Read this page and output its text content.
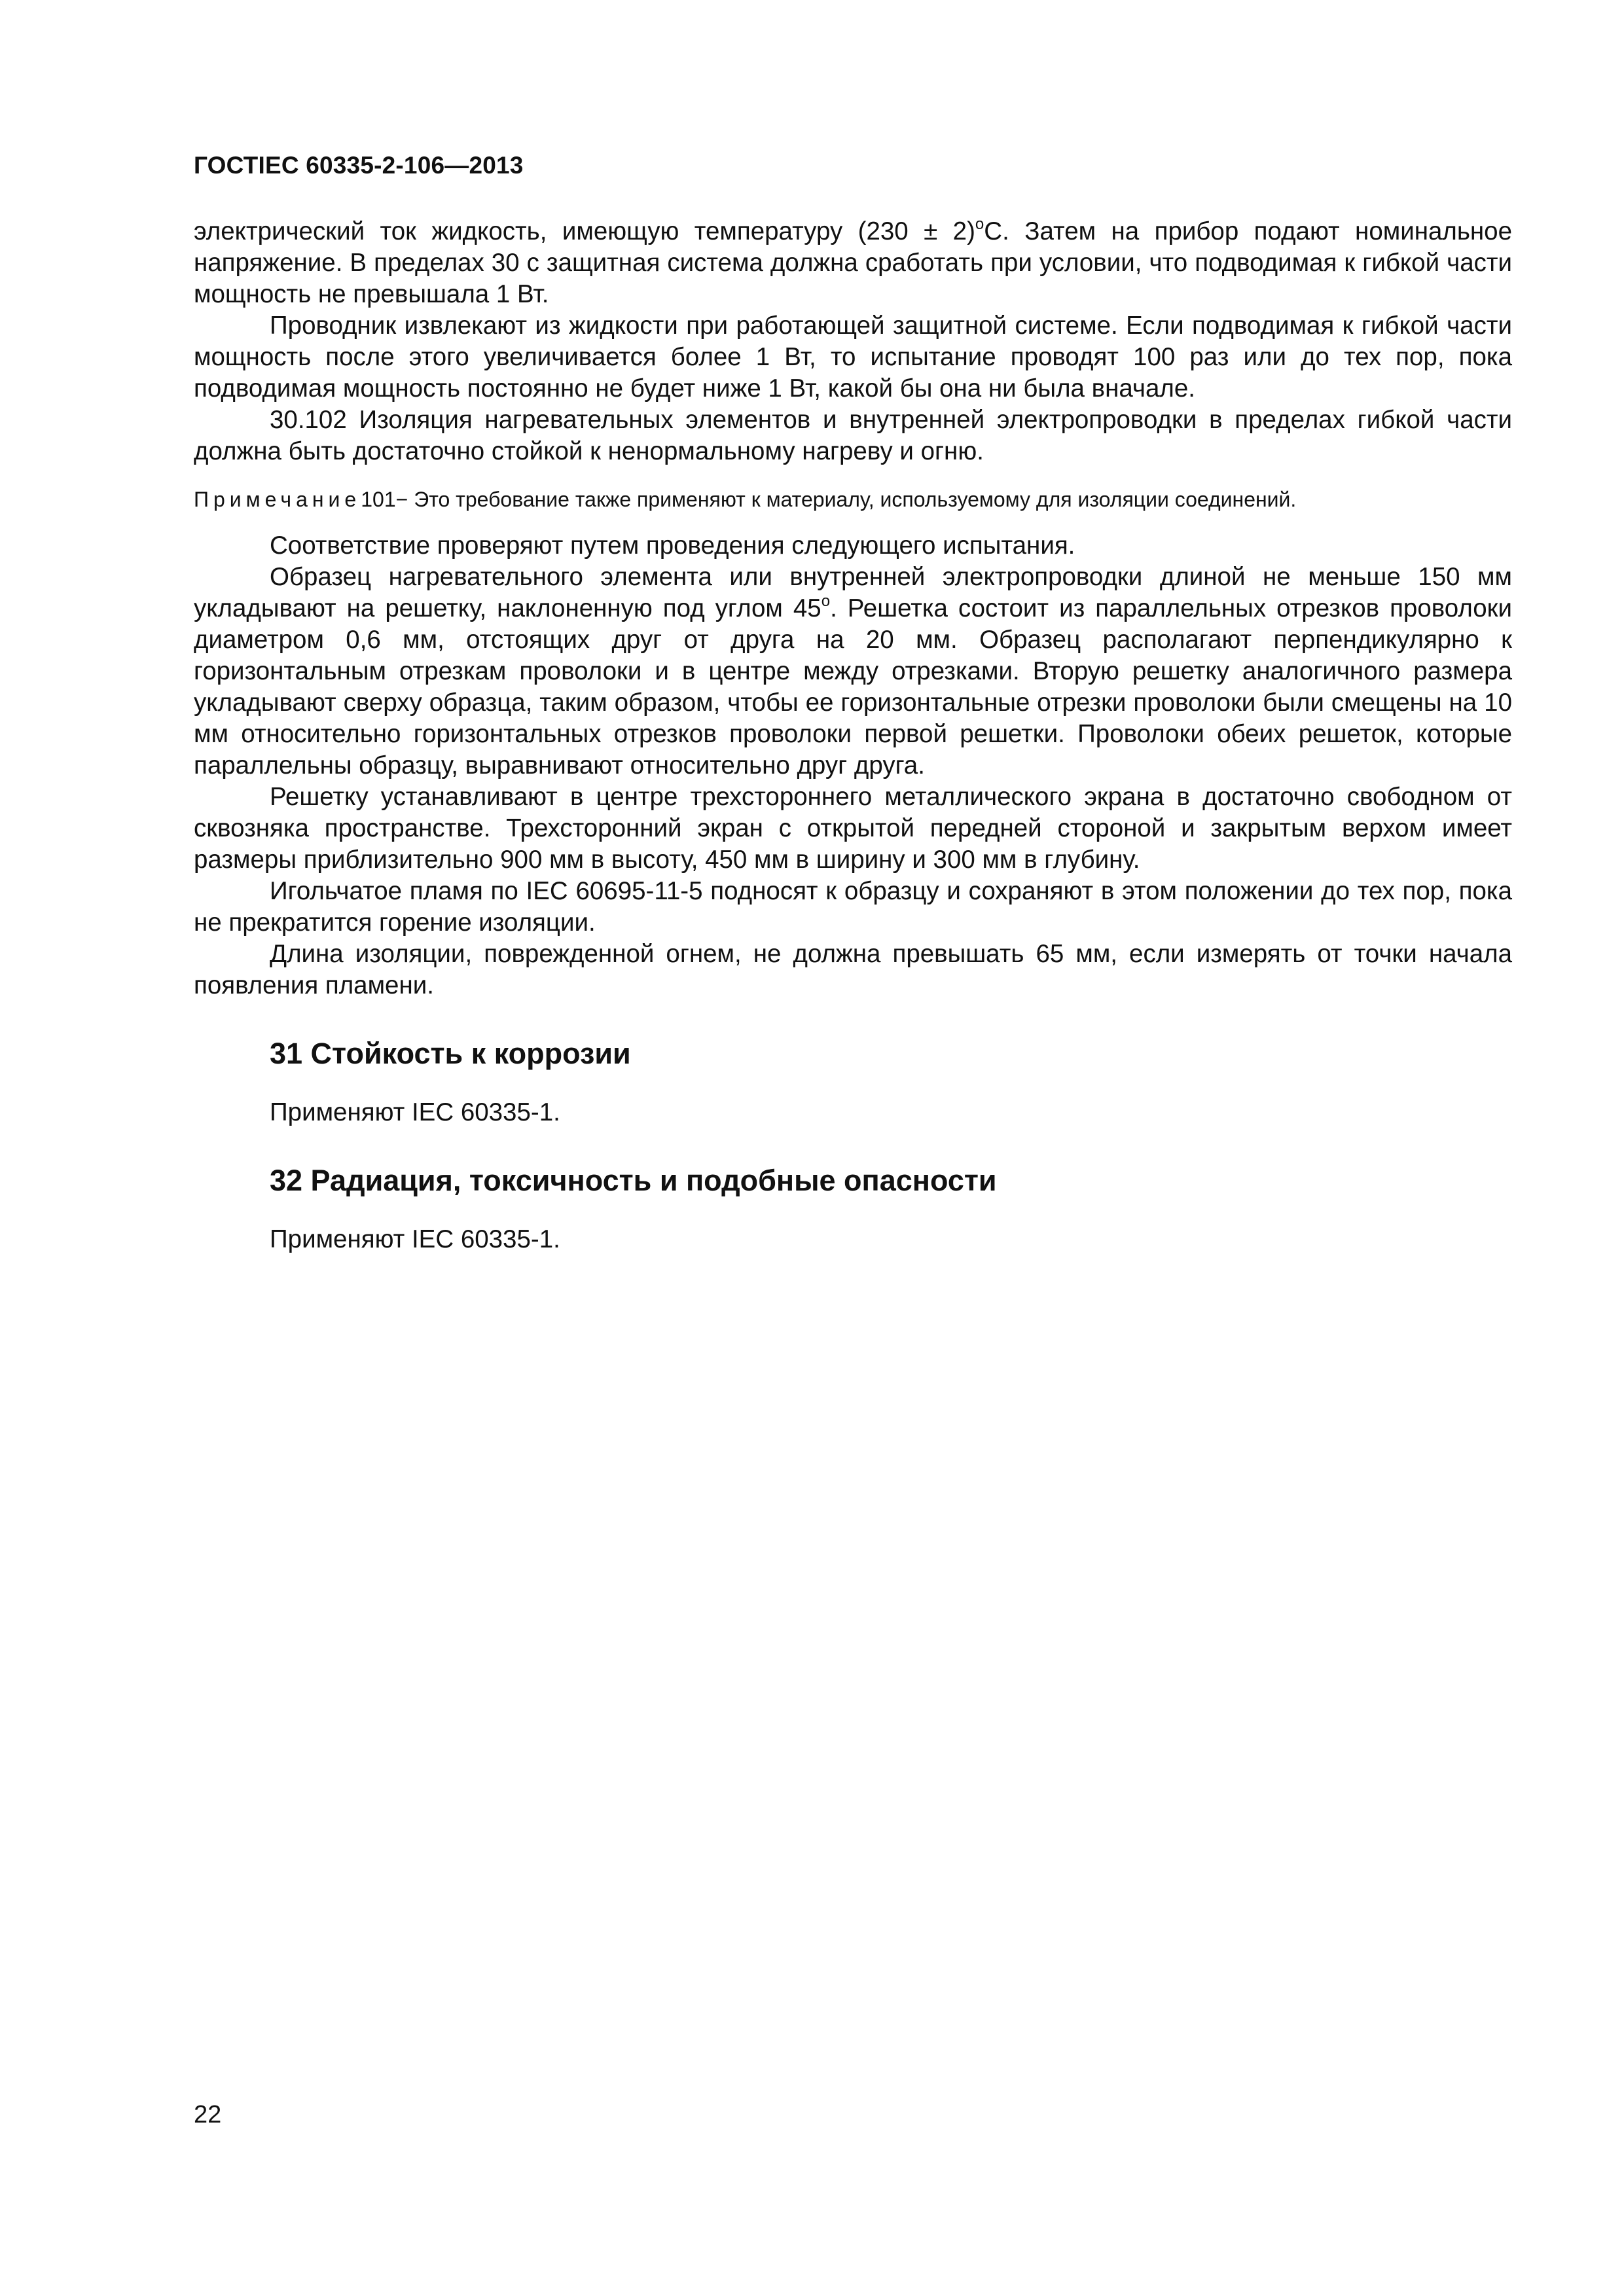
ГОСТIEC 60335-2-106—2013

электрический ток жидкость, имеющую температуру $(230 \pm 2)^оС$. Затем на прибор подают номинальное напряжение. В пределах 30 с защитная система должна сработать при условии, что подводимая к гибкой части мощность не превышала 1 Вт.

Проводник извлекают из жидкости при работающей защитной системе. Если подводимая к гибкой части мощность после этого увеличивается более 1 Вт, то испытание проводят 100 раз или до тех пор, пока подводимая мощность постоянно не будет ниже 1 Вт, какой бы она ни была вначале.

30.102 Изоляция нагревательных элементов и внутренней электропроводки в пределах гибкой части должна быть достаточно стойкой к ненормальному нагреву и огню.

Примечание101− Это требование также применяют к материалу, используемому для изоляции соединений.

Соответствие проверяют путем проведения следующего испытания.

Образец нагревательного элемента или внутренней электропроводки длиной не меньше 150 мм укладывают на решетку, наклоненную под углом $45^о$. Решетка состоит из параллельных отрезков проволоки диаметром 0,6 мм, отстоящих друг от друга на 20 мм. Образец располагают перпендикулярно к горизонтальным отрезкам проволоки и в центре между отрезками. Вторую решетку аналогичного размера укладывают сверху образца, таким образом, чтобы ее горизонтальные отрезки проволоки были смещены на 10 мм относительно горизонтальных отрезков проволоки первой решетки. Проволоки обеих решеток, которые параллельны образцу, выравнивают относительно друг друга.

Решетку устанавливают в центре трехстороннего металлического экрана в достаточно свободном от сквозняка пространстве. Трехсторонний экран с открытой передней стороной и закрытым верхом имеет размеры приблизительно 900 мм в высоту, 450 мм в ширину и 300 мм в глубину.

Игольчатое пламя по IEC 60695-11-5 подносят к образцу и сохраняют в этом положении до тех пор, пока не прекратится горение изоляции.

Длина изоляции, поврежденной огнем, не должна превышать 65 мм, если измерять от точки начала появления пламени.

31 Стойкость к коррозии

Применяют IEC 60335-1.

32 Радиация, токсичность и подобные опасности

Применяют IEC 60335-1.

22
